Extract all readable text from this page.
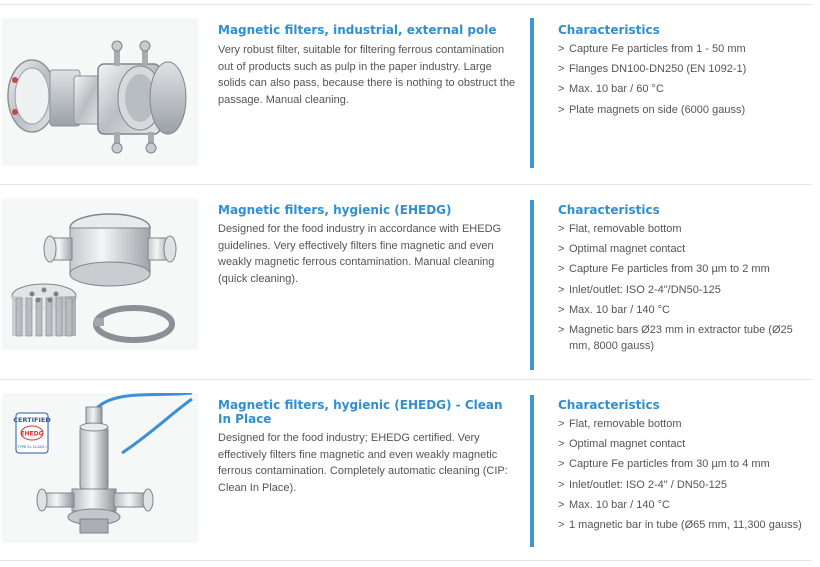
Magnetic filters, industrial, external pole
Very robust filter, suitable for filtering ferrous contamination out of products such as pulp in the paper industry. Large solids can also pass, because there is nothing to obstruct the passage. Manual cleaning.
Characteristics
> Capture Fe particles from 1 - 50 mm
> Flanges DN100-DN250 (EN 1092-1)
> Max. 10 bar / 60 °C
> Plate magnets on side (6000 gauss)
Magnetic filters, hygienic (EHEDG)
Designed for the food industry in accordance with EHEDG guidelines. Very effectively filters fine magnetic and even weakly magnetic ferrous contamination. Manual cleaning (quick cleaning).
Characteristics
> Flat, removable bottom
> Optimal magnet contact
> Capture Fe particles from 30 µm to 2 mm
> Inlet/outlet: ISO 2-4"/DN50-125
> Max. 10 bar / 140 °C
> Magnetic bars Ø23 mm in extractor tube (Ø25 mm, 8000 gauss)
CERTIFIED
EHEDG
TYPE EL CLASS I
Magnetic filters, hygienic (EHEDG) - Clean In Place
Designed for the food industry; EHEDG certified. Very effectively filters fine magnetic and even weakly magnetic ferrous contamination. Completely automatic cleaning (CIP: Clean In Place).
Characteristics
> Flat, removable bottom
> Optimal magnet contact
> Capture Fe particles from 30 µm to 4 mm
> Inlet/outlet: ISO 2-4" / DN50-125
> Max. 10 bar / 140 °C
> 1 magnetic bar in tube (Ø65 mm, 11,300 gauss)
